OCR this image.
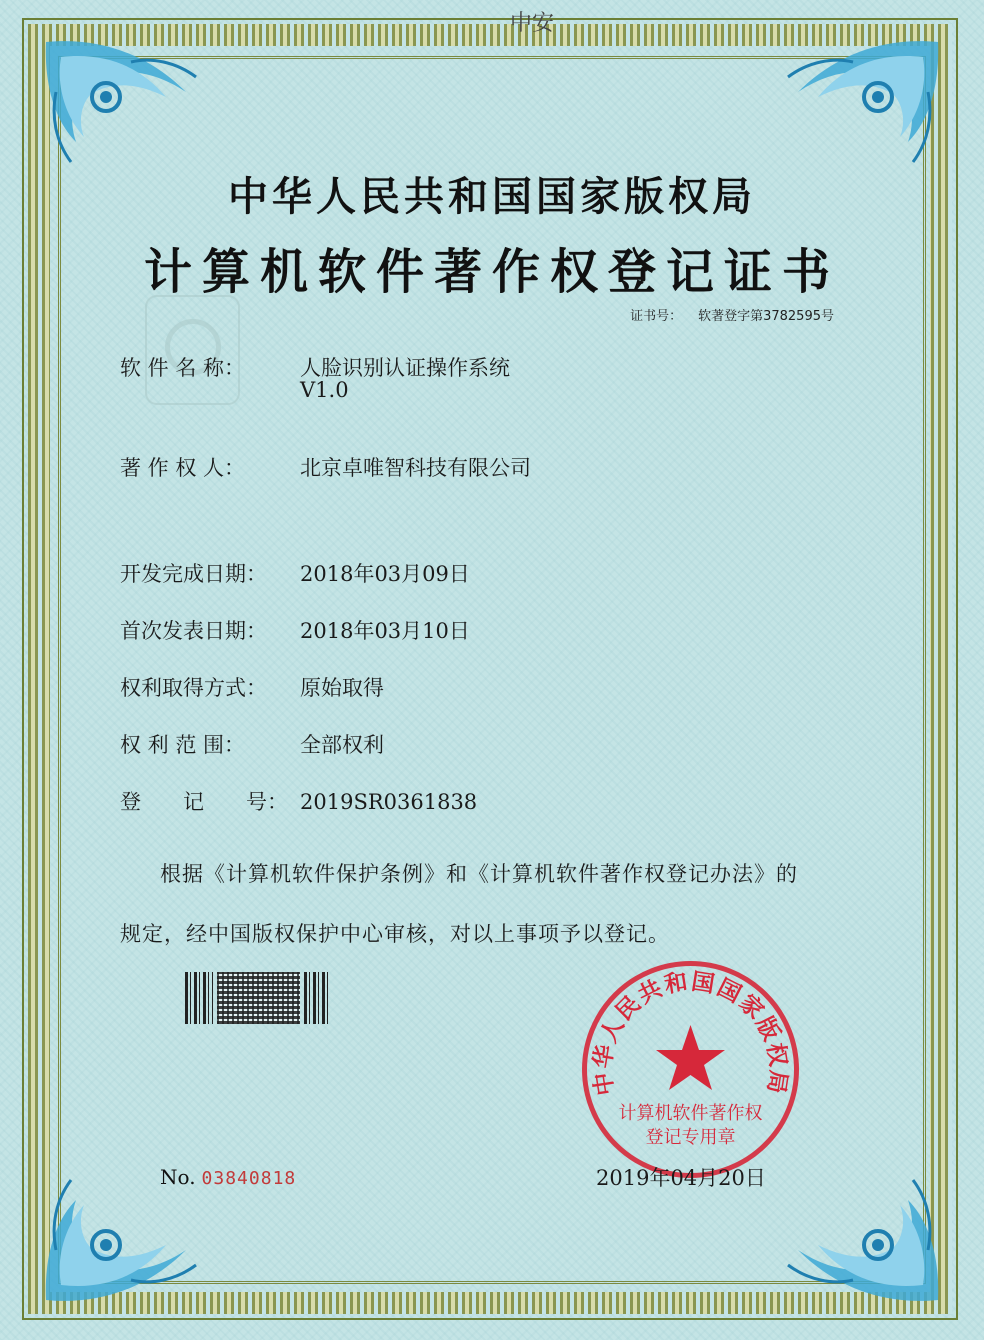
中安
中华人民共和国国家版权局
计算机软件著作权登记证书
证书号： 软著登字第3782595号
软 件 名 称：	人脸识别认证操作系统
V1.0
著 作 权 人：	北京卓唯智科技有限公司
开发完成日期： 2018年03月09日
首次发表日期： 2018年03月10日
权利取得方式： 原始取得
权 利 范 围：	全部权利
登　　记　　号： 2019SR0361838
根据《计算机软件保护条例》和《计算机软件著作权登记办法》的
规定，经中国版权保护中心审核，对以上事项予以登记。
中华人民共和国国家版权局
计算机软件著作权
登记专用章
No. 03840818	2019年04月20日
